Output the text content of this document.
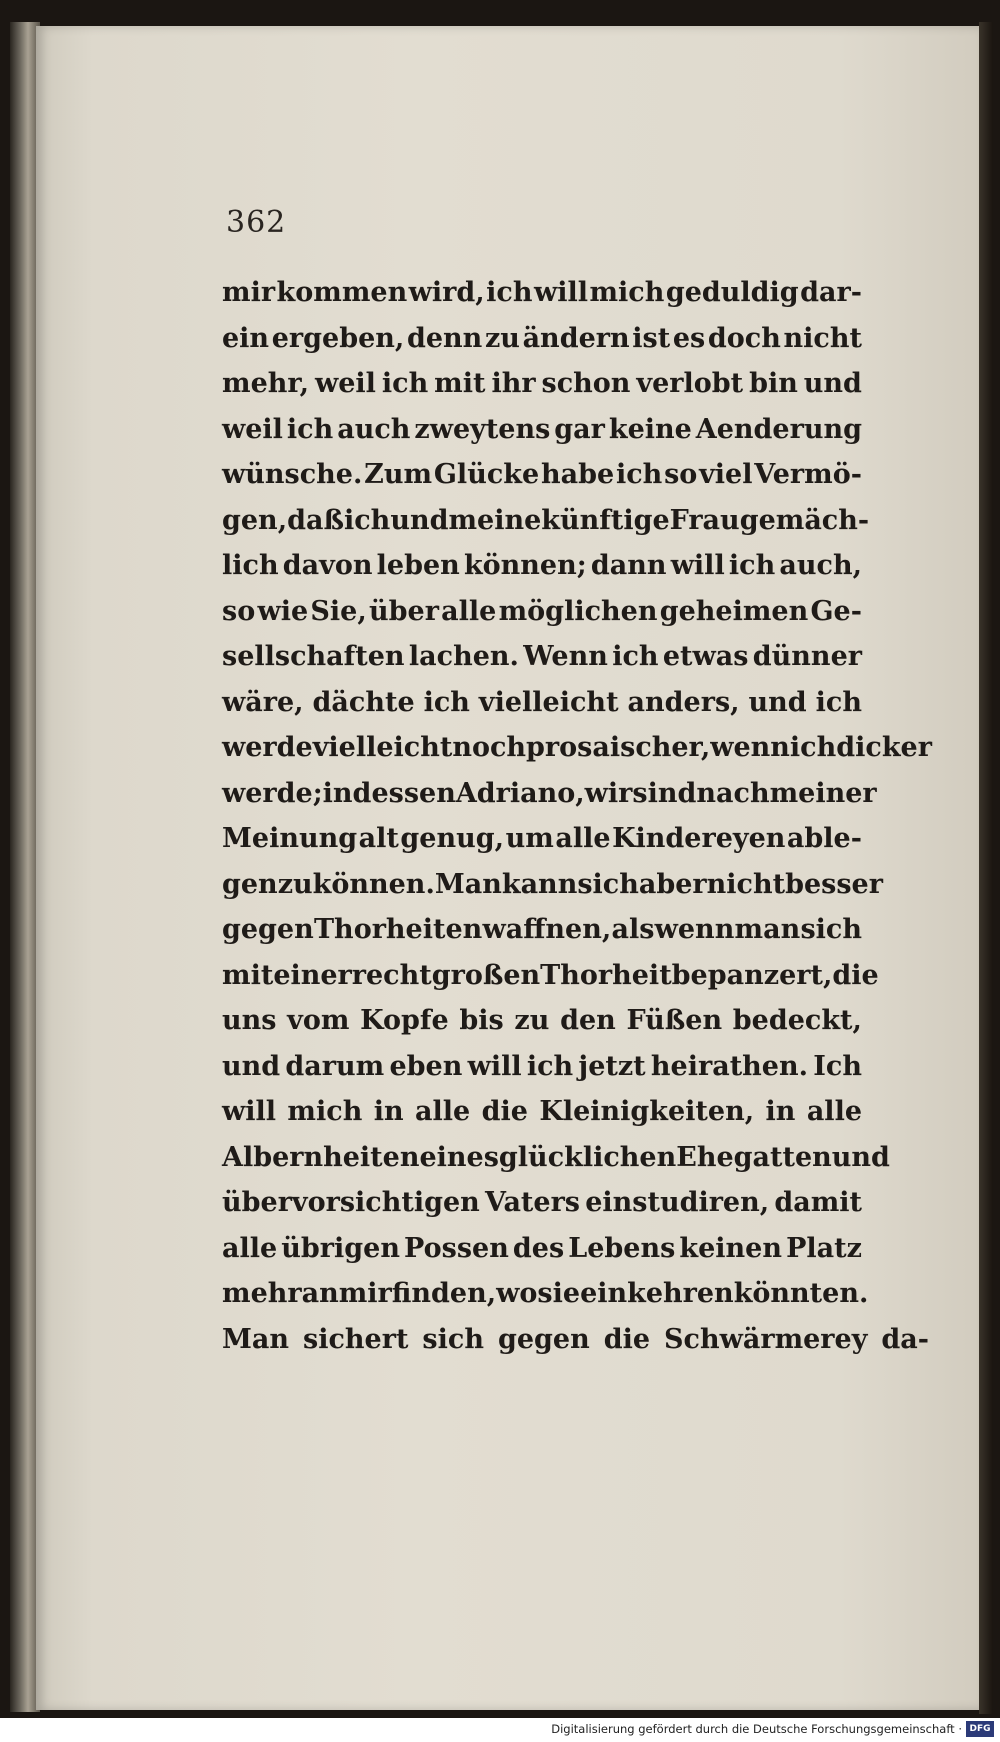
362
mir kommen wird, ich will mich geduldig dar-
ein ergeben, denn zu ändern ist es doch nicht
mehr, weil ich mit ihr schon verlobt bin und
weil ich auch zweytens gar keine Aenderung
wünsche. Zum Glücke habe ich so viel Vermö-
gen, daß ich und meine künftige Frau gemäch-
lich davon leben können; dann will ich auch,
so wie Sie, über alle möglichen geheimen Ge-
sellschaften lachen. Wenn ich etwas dünner
wäre, dächte ich vielleicht anders, und ich
werde vielleicht noch prosaischer, wenn ich dicker
werde; indessen Adriano, wir sind nach meiner
Meinung alt genug, um alle Kindereyen able-
gen zu können. Man kann sich aber nicht besser
gegen Thorheiten waffnen, als wenn man sich
mit einer recht großen Thorheit bepanzert, die
uns vom Kopfe bis zu den Füßen bedeckt,
und darum eben will ich jetzt heirathen. Ich
will mich in alle die Kleinigkeiten, in alle
Albernheiten eines glücklichen Ehegatten und
übervorsichtigen Vaters einstudiren, damit
alle übrigen Possen des Lebens keinen Platz
mehr an mir finden, wo sie einkehren könnten.
Man sichert sich gegen die Schwärmerey da-
Digitalisierung gefördert durch die Deutsche Forschungsgemeinschaft · DFG
